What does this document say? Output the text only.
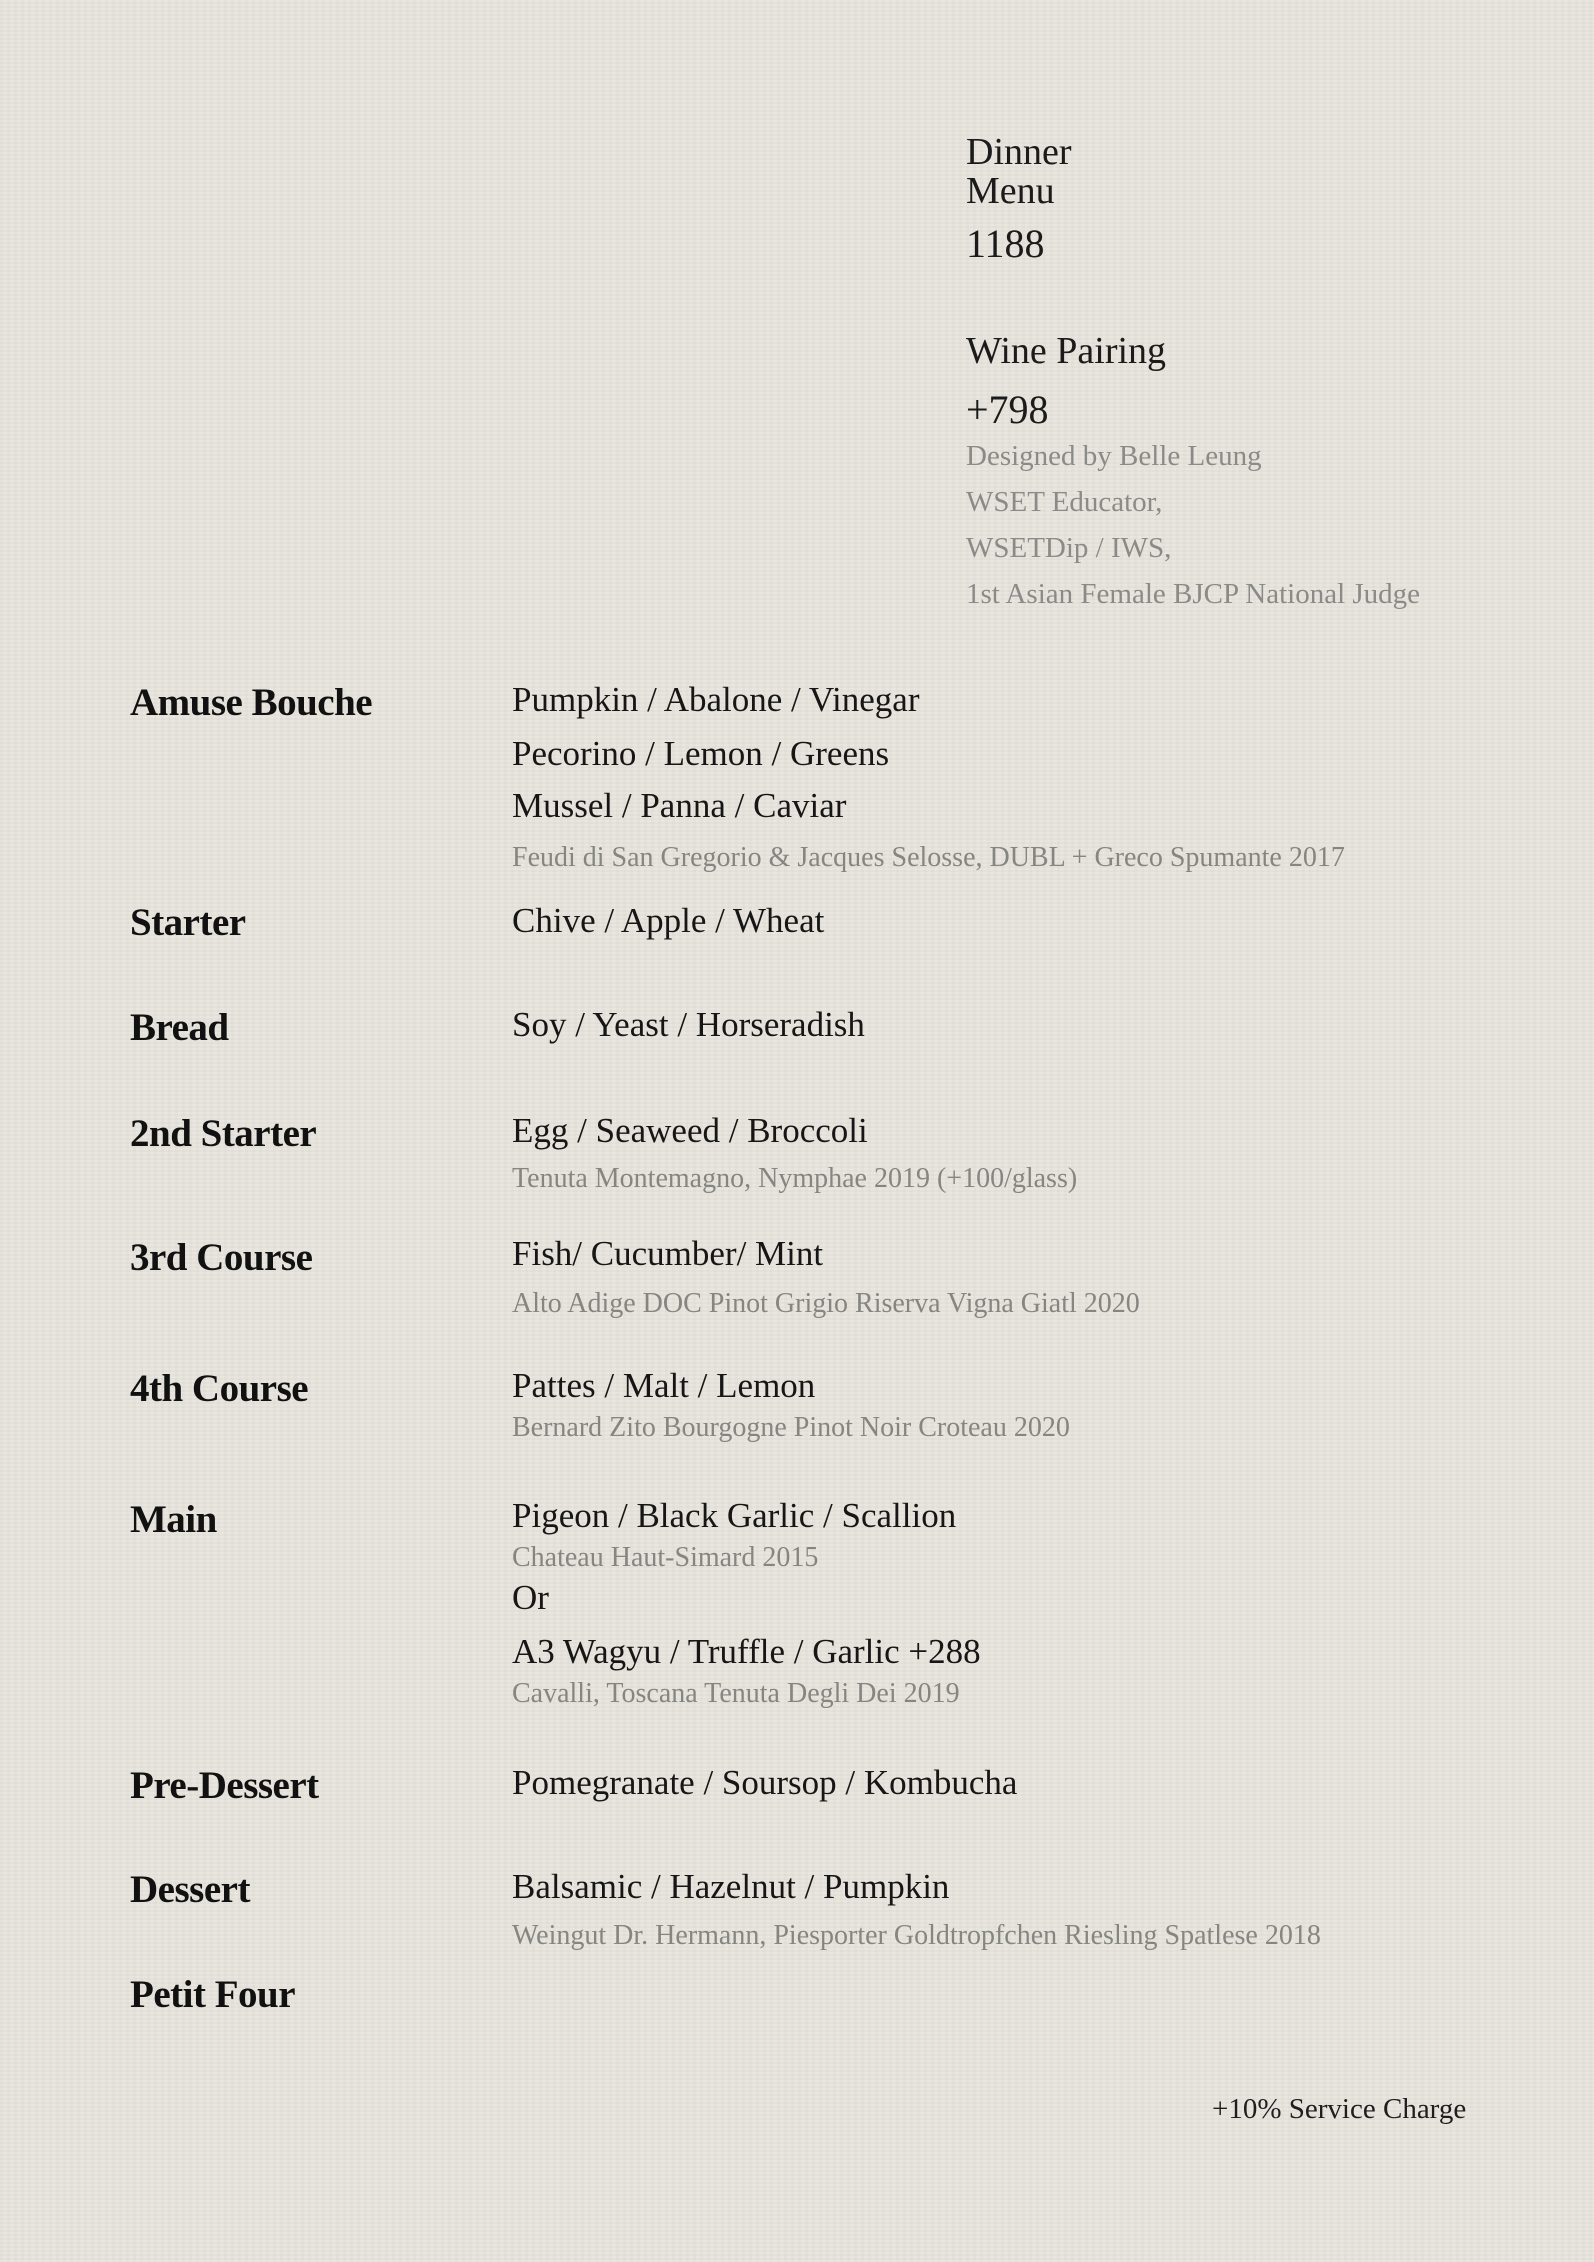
Dinner
Menu
1188
Wine Pairing
+798
Designed by Belle Leung
WSET Educator,
WSETDip / IWS,
1st Asian Female BJCP National Judge
Amuse Bouche	Pumpkin / Abalone / Vinegar
Pecorino / Lemon / Greens
Mussel / Panna / Caviar
Feudi di San Gregorio & Jacques Selosse, DUBL + Greco Spumante 2017
Starter	Chive / Apple / Wheat
Bread	Soy / Yeast / Horseradish
2nd Starter	Egg / Seaweed / Broccoli
Tenuta Montemagno, Nymphae 2019 (+100/glass)
3rd Course	Fish/ Cucumber/ Mint
Alto Adige DOC Pinot Grigio Riserva Vigna Giatl 2020
4th Course	Pattes / Malt / Lemon
Bernard Zito Bourgogne Pinot Noir Croteau 2020
Main	Pigeon / Black Garlic / Scallion
Chateau Haut-Simard 2015
Or
A3 Wagyu / Truffle / Garlic +288
Cavalli, Toscana Tenuta Degli Dei 2019
Pre-Dessert	Pomegranate / Soursop / Kombucha
Dessert	Balsamic / Hazelnut / Pumpkin
Weingut Dr. Hermann, Piesporter Goldtropfchen Riesling Spatlese 2018
Petit Four
+10% Service Charge
